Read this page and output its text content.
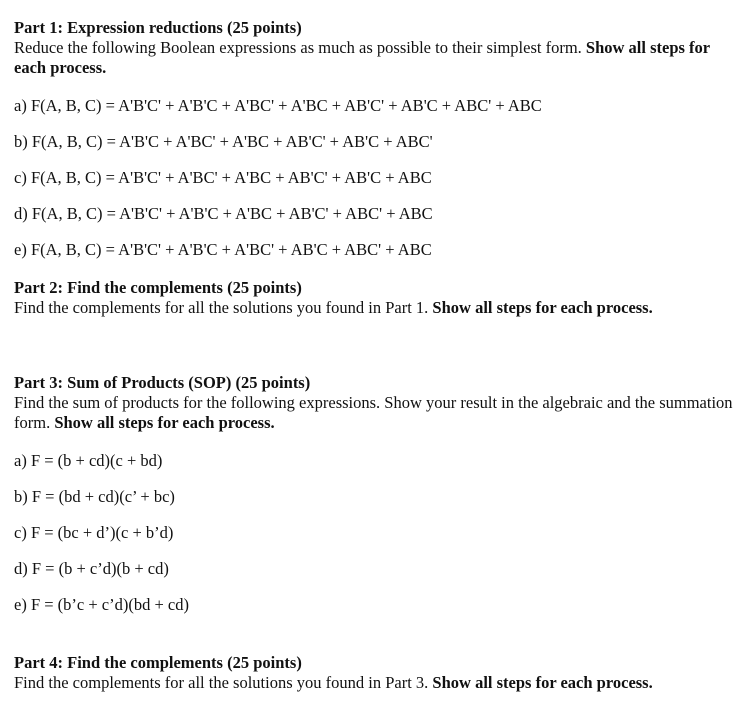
Part 1: Expression reductions (25 points)
Reduce the following Boolean expressions as much as possible to their simplest form. Show all steps for each process.
a) F(A, B, C) = A'B'C' + A'B'C + A'BC' + A'BC + AB'C' + AB'C + ABC' + ABC
b) F(A, B, C) = A'B'C + A'BC' + A'BC + AB'C' + AB'C + ABC'
c) F(A, B, C) = A'B'C' + A'BC' + A'BC + AB'C' + AB'C + ABC
d) F(A, B, C) = A'B'C' + A'B'C + A'BC + AB'C' + ABC' + ABC
e) F(A, B, C) = A'B'C' + A'B'C + A'BC' + AB'C + ABC' + ABC
Part 2: Find the complements (25 points)
Find the complements for all the solutions you found in Part 1. Show all steps for each process.
Part 3: Sum of Products (SOP) (25 points)
Find the sum of products for the following expressions. Show your result in the algebraic and the summation form. Show all steps for each process.
a) F = (b + cd)(c + bd)
b) F = (bd + cd)(c’ + bc)
c) F = (bc + d’)(c + b’d)
d) F = (b + c’d)(b + cd)
e) F = (b’c + c’d)(bd + cd)
Part 4: Find the complements (25 points)
Find the complements for all the solutions you found in Part 3. Show all steps for each process.
